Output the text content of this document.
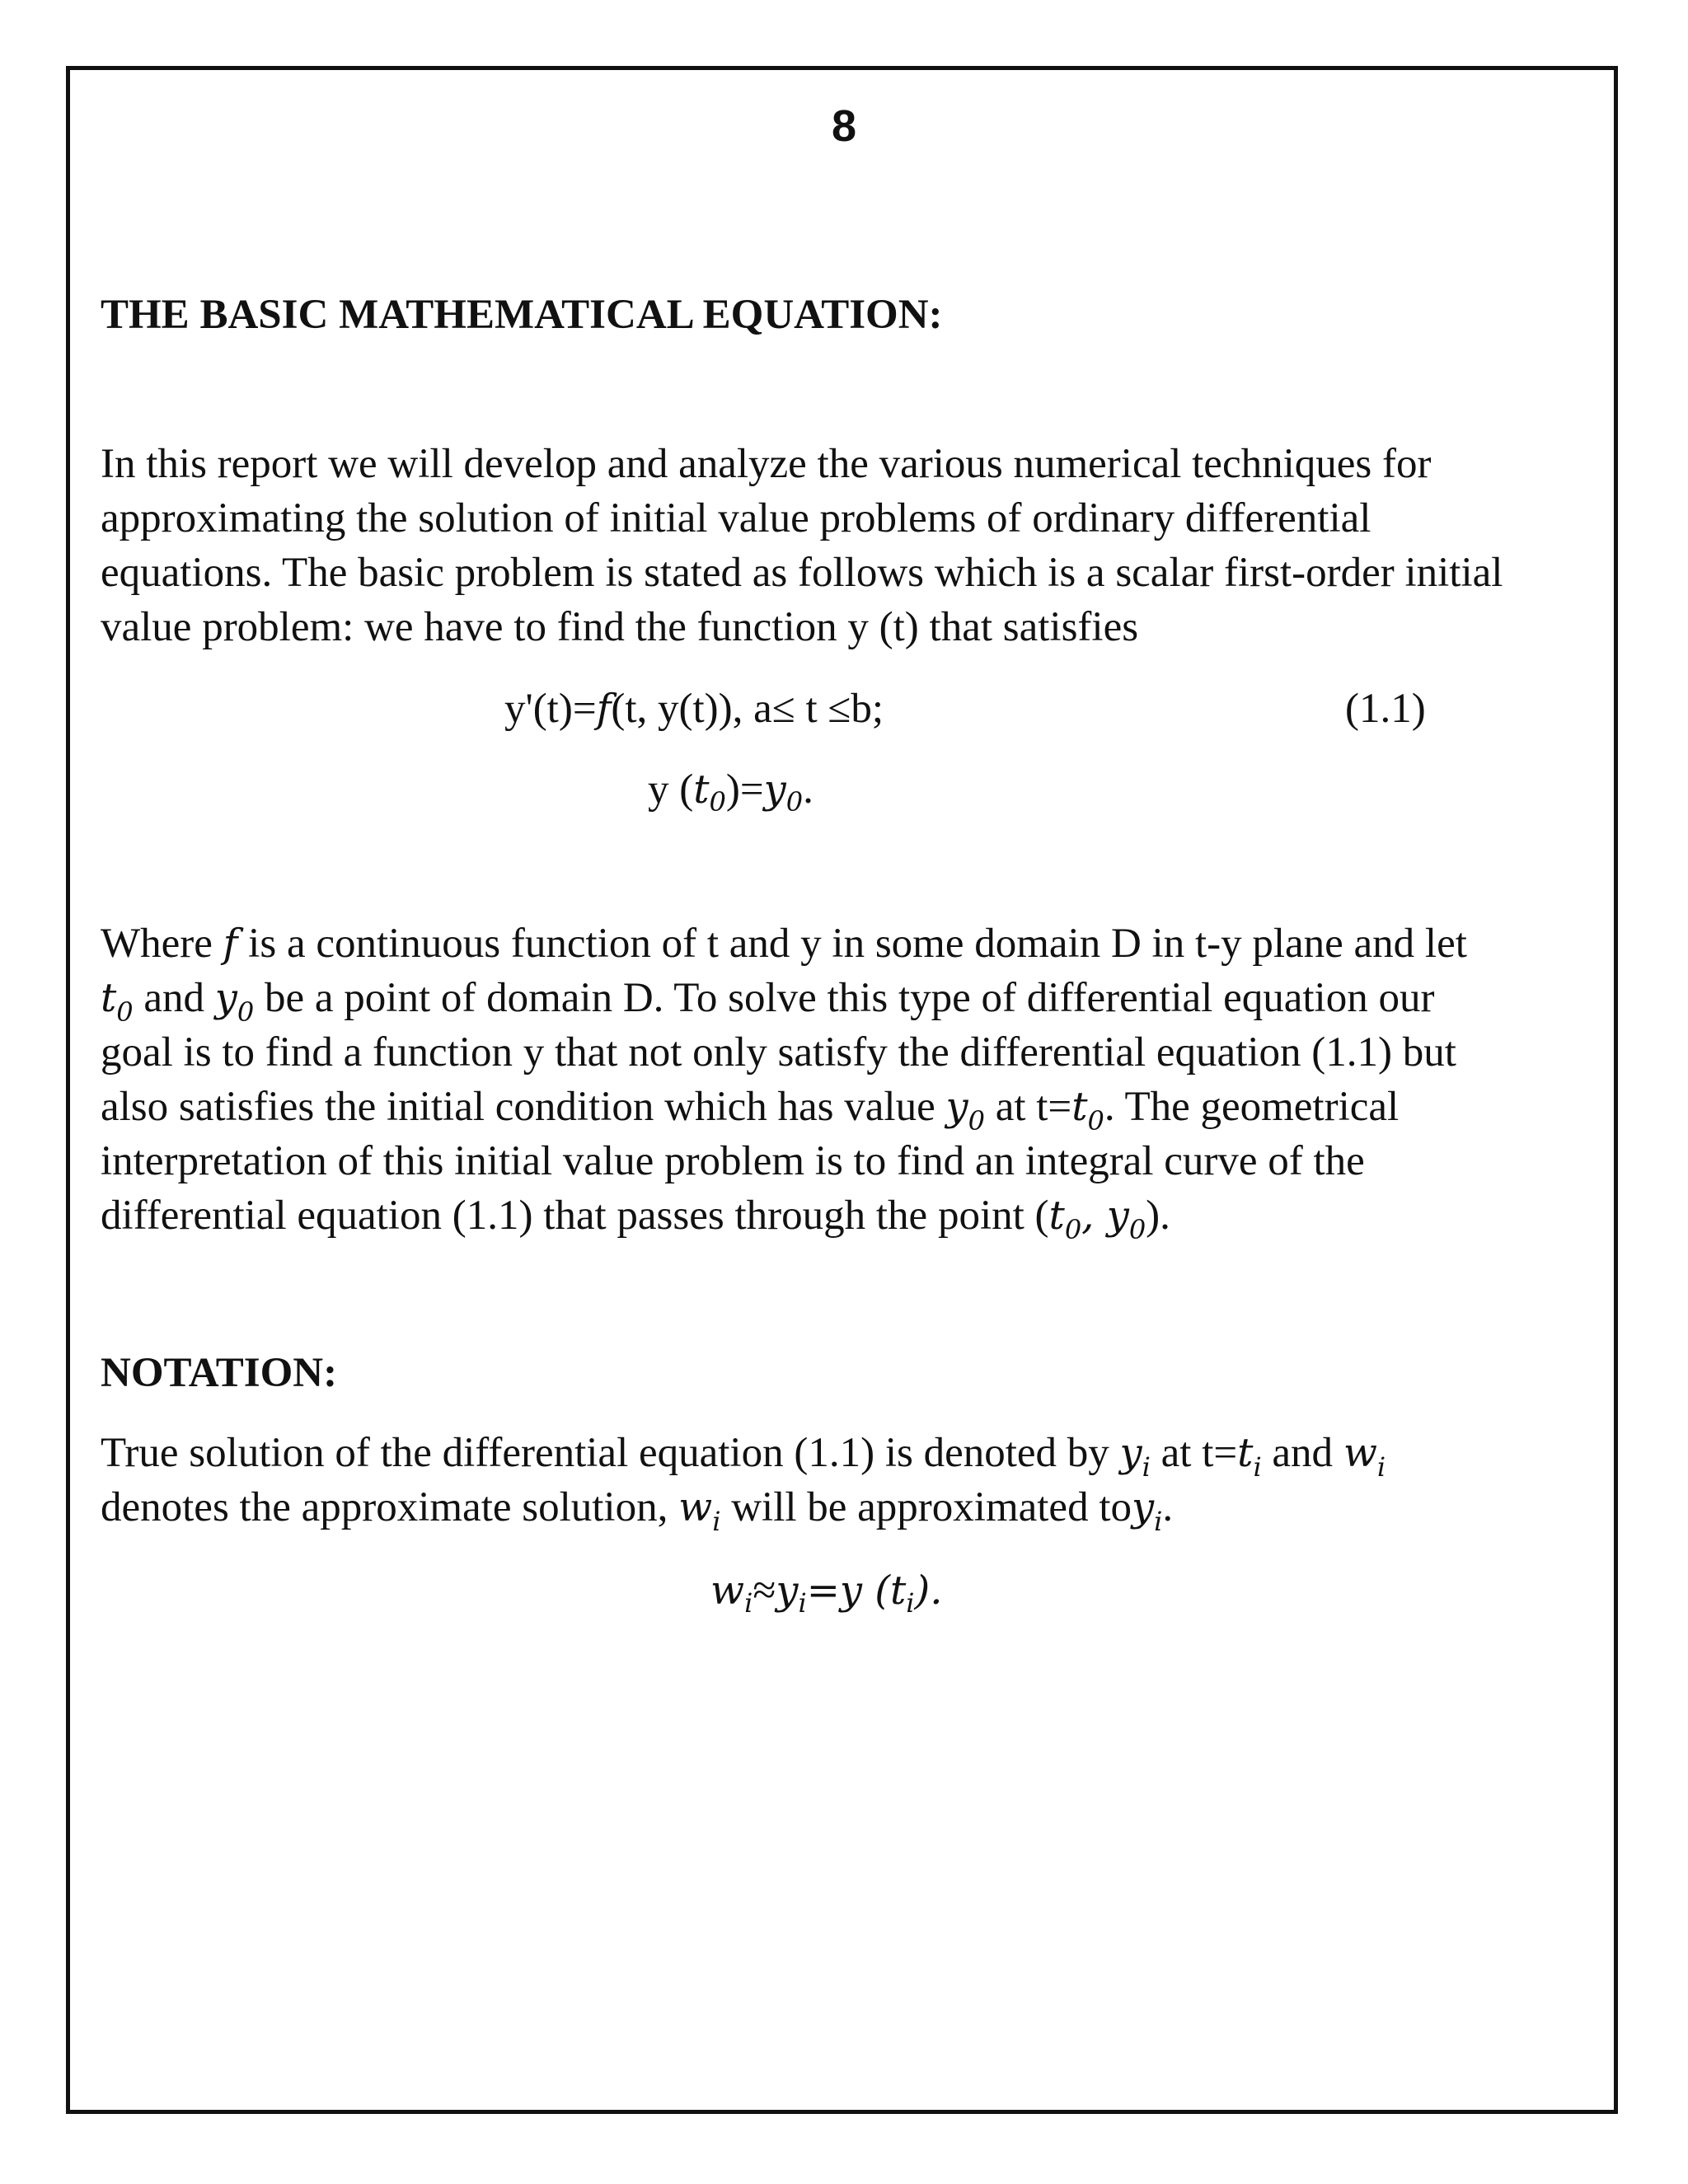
8
THE BASIC MATHEMATICAL EQUATION:
In this report we will develop and analyze the various numerical techniques for
approximating the solution of initial value problems of ordinary differential
equations. The basic problem is stated as follows which is a scalar first-order initial
value problem: we have to find the function y (t) that satisfies
y'(t)=f(t, y(t)), a≤ t ≤b;	(1.1)
y $(t_0)=y_0$.
Where f is a continuous function of t and y in some domain D in t-y plane and let
$t_0$ and $y_0$ be a point of domain D. To solve this type of differential equation our
goal is to find a function y that not only satisfy the differential equation (1.1) but
also satisfies the initial condition which has value $y_0$ at $t=t_0$. The geometrical
interpretation of this initial value problem is to find an integral curve of the
differential equation (1.1) that passes through the point ($t_0$, $y_0$).
NOTATION:
True solution of the differential equation (1.1) is denoted by $y_i$ at $t=t_i$ and $w_i$
denotes the approximate solution, $w_i$ will be approximated toy$_i$.
$w_i\approx y_i=y$ $(t_i)$.
